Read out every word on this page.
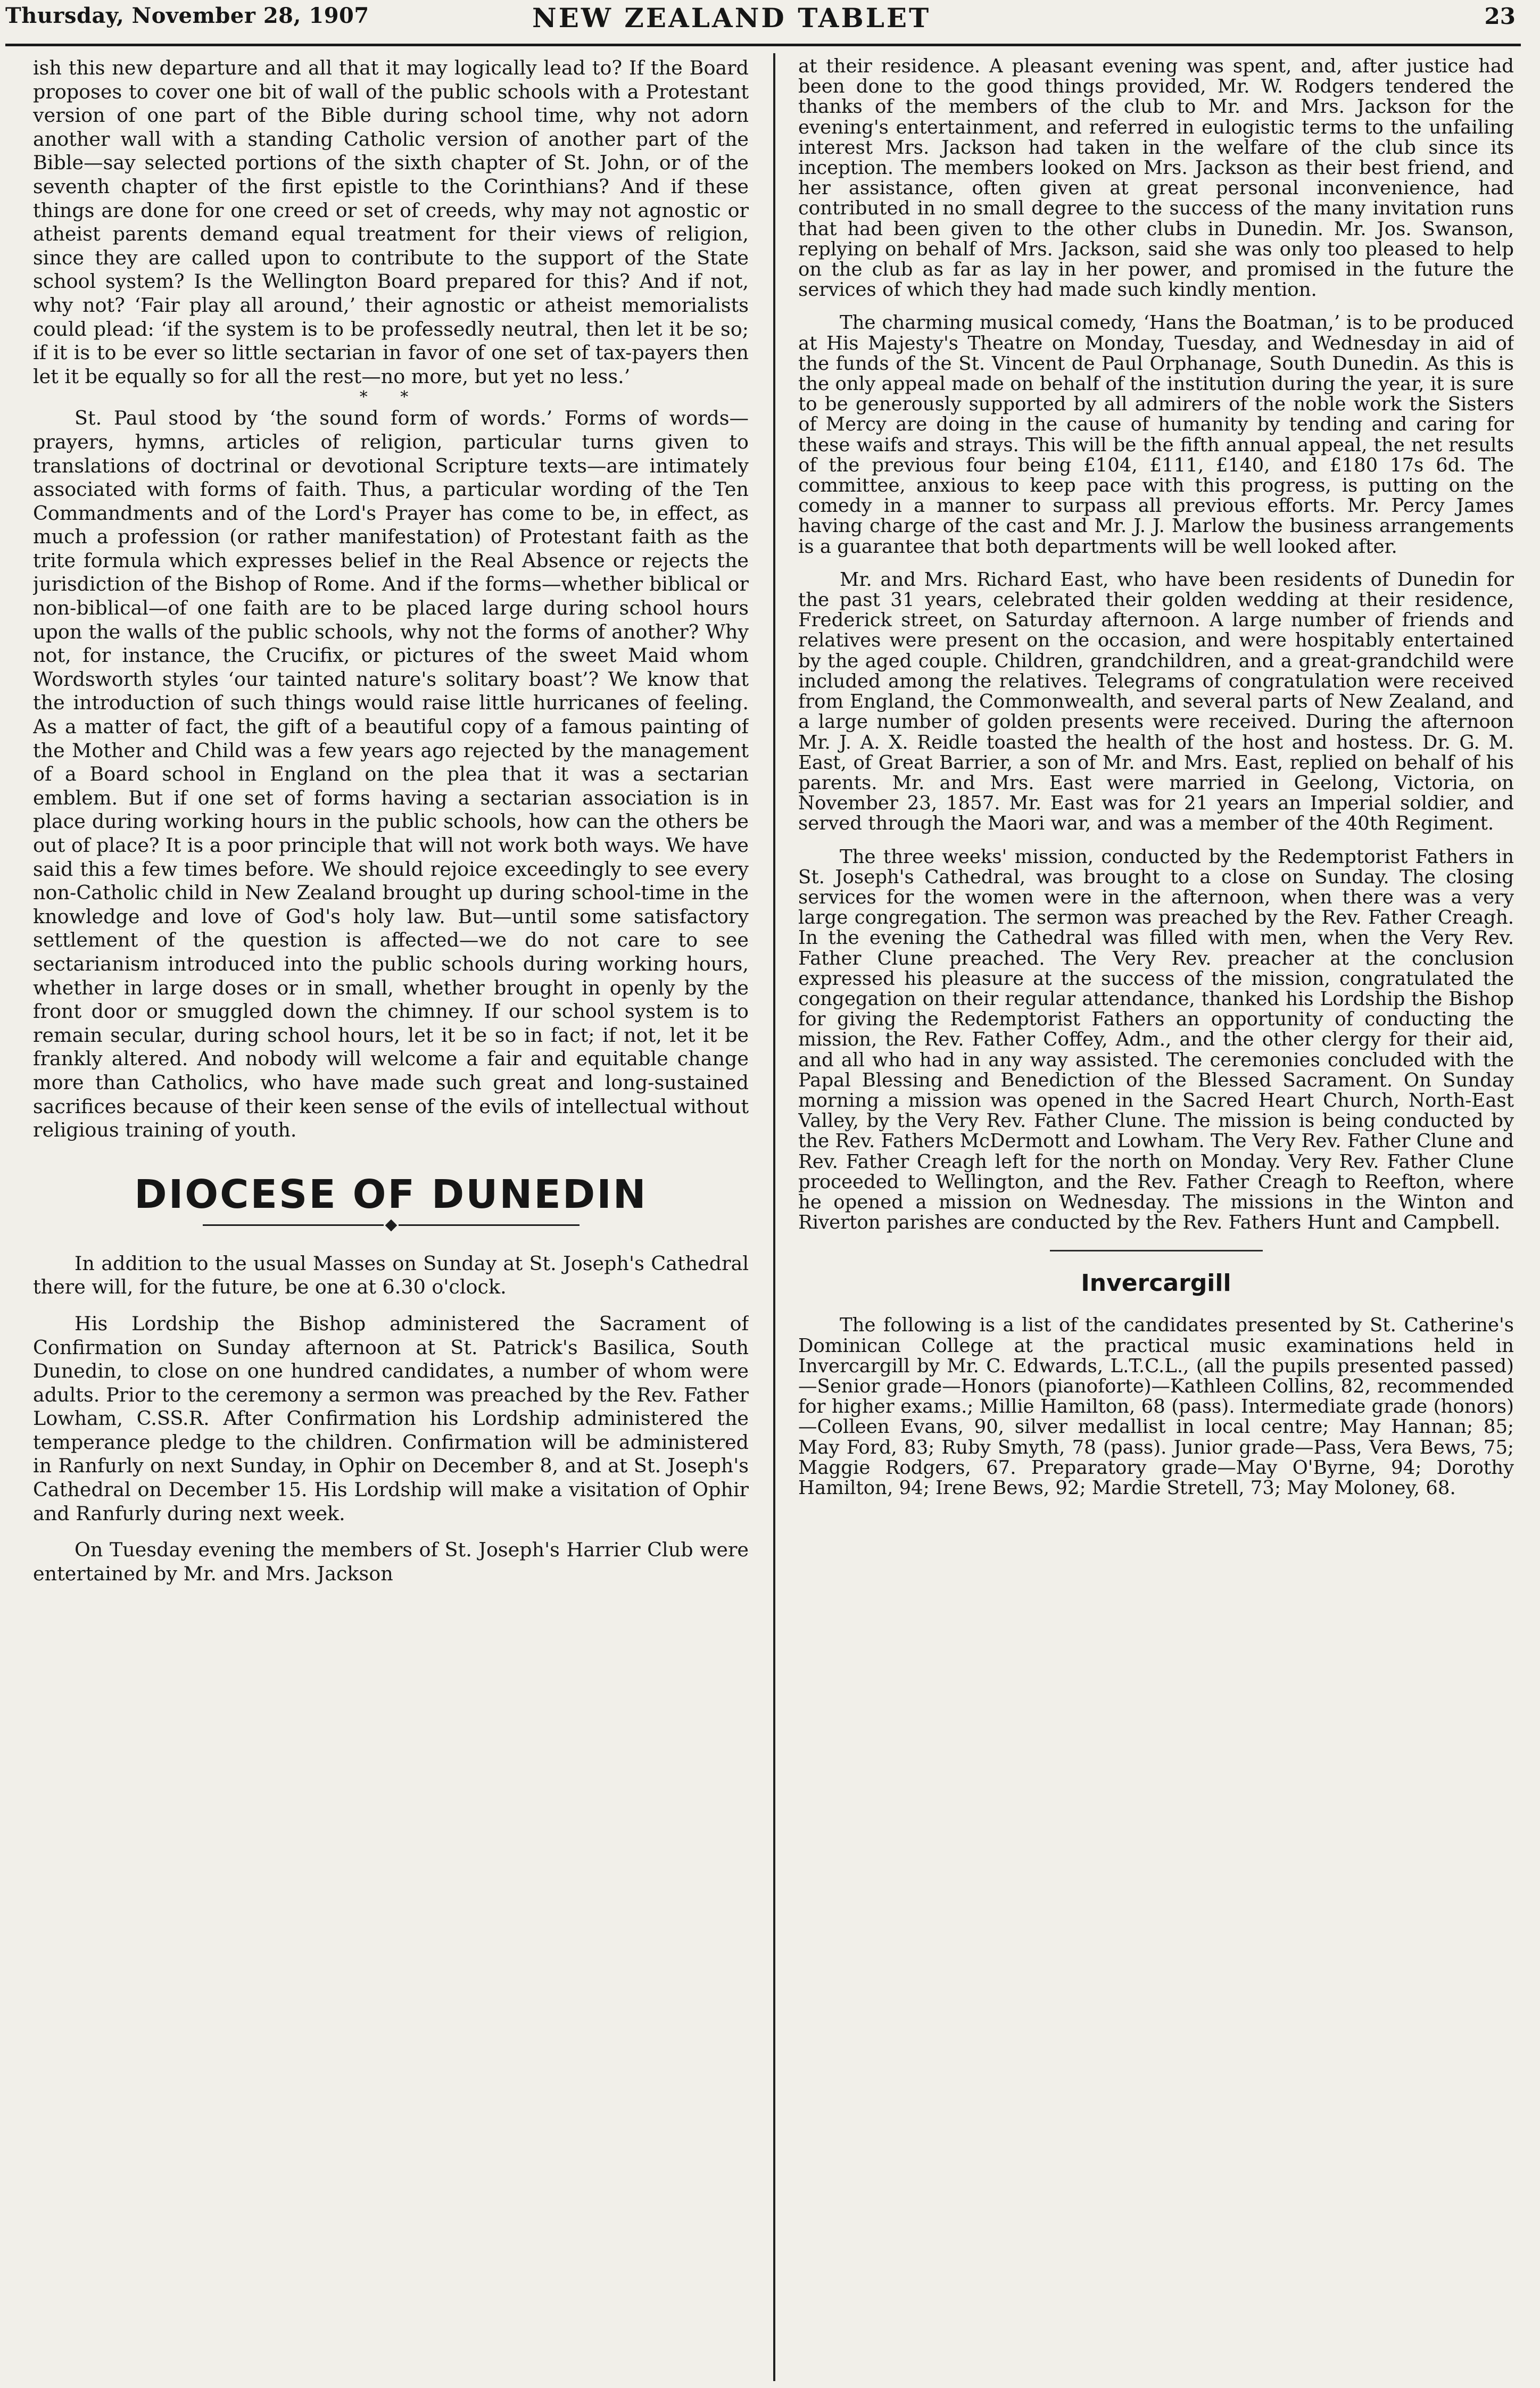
Thursday, November 28, 1907	NEW ZEALAND TABLET	23

ish this new departure and all that it may logically lead to? If the Board proposes to cover one bit of wall of the public schools with a Protestant version of one part of the Bible during school time, why not adorn another wall with a standing Catholic version of another part of the Bible—say selected portions of the sixth chapter of St. John, or of the seventh chapter of the first epistle to the Corinthians? And if these things are done for one creed or set of creeds, why may not agnostic or atheist parents demand equal treatment for their views of religion, since they are called upon to contribute to the support of the State school system? Is the Wellington Board prepared for this? And if not, why not? ‘Fair play all around,’ their agnostic or atheist memorialists could plead: ‘if the system is to be professedly neutral, then let it be so; if it is to be ever so little sectarian in favor of one set of tax-payers then let it be equally so for all the rest—no more, but yet no less.’

* *

St. Paul stood by ‘the sound form of words.’ Forms of words—prayers, hymns, articles of religion, particular turns given to translations of doctrinal or devotional Scripture texts—are intimately associated with forms of faith. Thus, a particular wording of the Ten Commandments and of the Lord's Prayer has come to be, in effect, as much a profession (or rather manifestation) of Protestant faith as the trite formula which expresses belief in the Real Absence or rejects the jurisdiction of the Bishop of Rome. And if the forms—whether biblical or non-biblical—of one faith are to be placed large during school hours upon the walls of the public schools, why not the forms of another? Why not, for instance, the Crucifix, or pictures of the sweet Maid whom Wordsworth styles ‘our tainted nature's solitary boast’? We know that the introduction of such things would raise little hurricanes of feeling. As a matter of fact, the gift of a beautiful copy of a famous painting of the Mother and Child was a few years ago rejected by the management of a Board school in England on the plea that it was a sectarian emblem. But if one set of forms having a sectarian association is in place during working hours in the public schools, how can the others be out of place? It is a poor principle that will not work both ways. We have said this a few times before. We should rejoice exceedingly to see every non-Catholic child in New Zealand brought up during school-time in the knowledge and love of God's holy law. But—until some satisfactory settlement of the question is affected—we do not care to see sectarianism introduced into the public schools during working hours, whether in large doses or in small, whether brought in openly by the front door or smuggled down the chimney. If our school system is to remain secular, during school hours, let it be so in fact; if not, let it be frankly altered. And nobody will welcome a fair and equitable change more than Catholics, who have made such great and long-sustained sacrifices because of their keen sense of the evils of intellectual without religious training of youth.

DIOCESE OF DUNEDIN

In addition to the usual Masses on Sunday at St. Joseph's Cathedral there will, for the future, be one at 6.30 o'clock.

His Lordship the Bishop administered the Sacrament of Confirmation on Sunday afternoon at St. Patrick's Basilica, South Dunedin, to close on one hundred candidates, a number of whom were adults. Prior to the ceremony a sermon was preached by the Rev. Father Lowham, C.SS.R. After Confirmation his Lordship administered the temperance pledge to the children. Confirmation will be administered in Ranfurly on next Sunday, in Ophir on December 8, and at St. Joseph's Cathedral on December 15. His Lordship will make a visitation of Ophir and Ranfurly during next week.

On Tuesday evening the members of St. Joseph's Harrier Club were entertained by Mr. and Mrs. Jackson

at their residence. A pleasant evening was spent, and, after justice had been done to the good things provided, Mr. W. Rodgers tendered the thanks of the members of the club to Mr. and Mrs. Jackson for the evening's entertainment, and referred in eulogistic terms to the unfailing interest Mrs. Jackson had taken in the welfare of the club since its inception. The members looked on Mrs. Jackson as their best friend, and her assistance, often given at great personal inconvenience, had contributed in no small degree to the success of the many invitation runs that had been given to the other clubs in Dunedin. Mr. Jos. Swanson, replying on behalf of Mrs. Jackson, said she was only too pleased to help on the club as far as lay in her power, and promised in the future the services of which they had made such kindly mention.

The charming musical comedy, ‘Hans the Boatman,’ is to be produced at His Majesty's Theatre on Monday, Tuesday, and Wednesday in aid of the funds of the St. Vincent de Paul Orphanage, South Dunedin. As this is the only appeal made on behalf of the institution during the year, it is sure to be generously supported by all admirers of the noble work the Sisters of Mercy are doing in the cause of humanity by tending and caring for these waifs and strays. This will be the fifth annual appeal, the net results of the previous four being £104, £111, £140, and £180 17s 6d. The committee, anxious to keep pace with this progress, is putting on the comedy in a manner to surpass all previous efforts. Mr. Percy James having charge of the cast and Mr. J. J. Marlow the business arrangements is a guarantee that both departments will be well looked after.

Mr. and Mrs. Richard East, who have been residents of Dunedin for the past 31 years, celebrated their golden wedding at their residence, Frederick street, on Saturday afternoon. A large number of friends and relatives were present on the occasion, and were hospitably entertained by the aged couple. Children, grandchildren, and a great-grandchild were included among the relatives. Telegrams of congratulation were received from England, the Commonwealth, and several parts of New Zealand, and a large number of golden presents were received. During the afternoon Mr. J. A. X. Reidle toasted the health of the host and hostess. Dr. G. M. East, of Great Barrier, a son of Mr. and Mrs. East, replied on behalf of his parents. Mr. and Mrs. East were married in Geelong, Victoria, on November 23, 1857. Mr. East was for 21 years an Imperial soldier, and served through the Maori war, and was a member of the 40th Regiment.

The three weeks' mission, conducted by the Redemptorist Fathers in St. Joseph's Cathedral, was brought to a close on Sunday. The closing services for the women were in the afternoon, when there was a very large congregation. The sermon was preached by the Rev. Father Creagh. In the evening the Cathedral was filled with men, when the Very Rev. Father Clune preached. The Very Rev. preacher at the conclusion expressed his pleasure at the success of the mission, congratulated the congegation on their regular attendance, thanked his Lordship the Bishop for giving the Redemptorist Fathers an opportunity of conducting the mission, the Rev. Father Coffey, Adm., and the other clergy for their aid, and all who had in any way assisted. The ceremonies concluded with the Papal Blessing and Benediction of the Blessed Sacrament. On Sunday morning a mission was opened in the Sacred Heart Church, North-East Valley, by the Very Rev. Father Clune. The mission is being conducted by the Rev. Fathers McDermott and Lowham. The Very Rev. Father Clune and Rev. Father Creagh left for the north on Monday. Very Rev. Father Clune proceeded to Wellington, and the Rev. Father Creagh to Reefton, where he opened a mission on Wednesday. The missions in the Winton and Riverton parishes are conducted by the Rev. Fathers Hunt and Campbell.

Invercargill

The following is a list of the candidates presented by St. Catherine's Dominican College at the practical music examinations held in Invercargill by Mr. C. Edwards, L.T.C.L., (all the pupils presented passed)—Senior grade—Honors (pianoforte)—Kathleen Collins, 82, recommended for higher exams.; Millie Hamilton, 68 (pass). Intermediate grade (honors)—Colleen Evans, 90, silver medallist in local centre; May Hannan; 85; May Ford, 83; Ruby Smyth, 78 (pass). Junior grade—Pass, Vera Bews, 75; Maggie Rodgers, 67. Preparatory grade—May O'Byrne, 94; Dorothy Hamilton, 94; Irene Bews, 92; Mardie Stretell, 73; May Moloney, 68.
